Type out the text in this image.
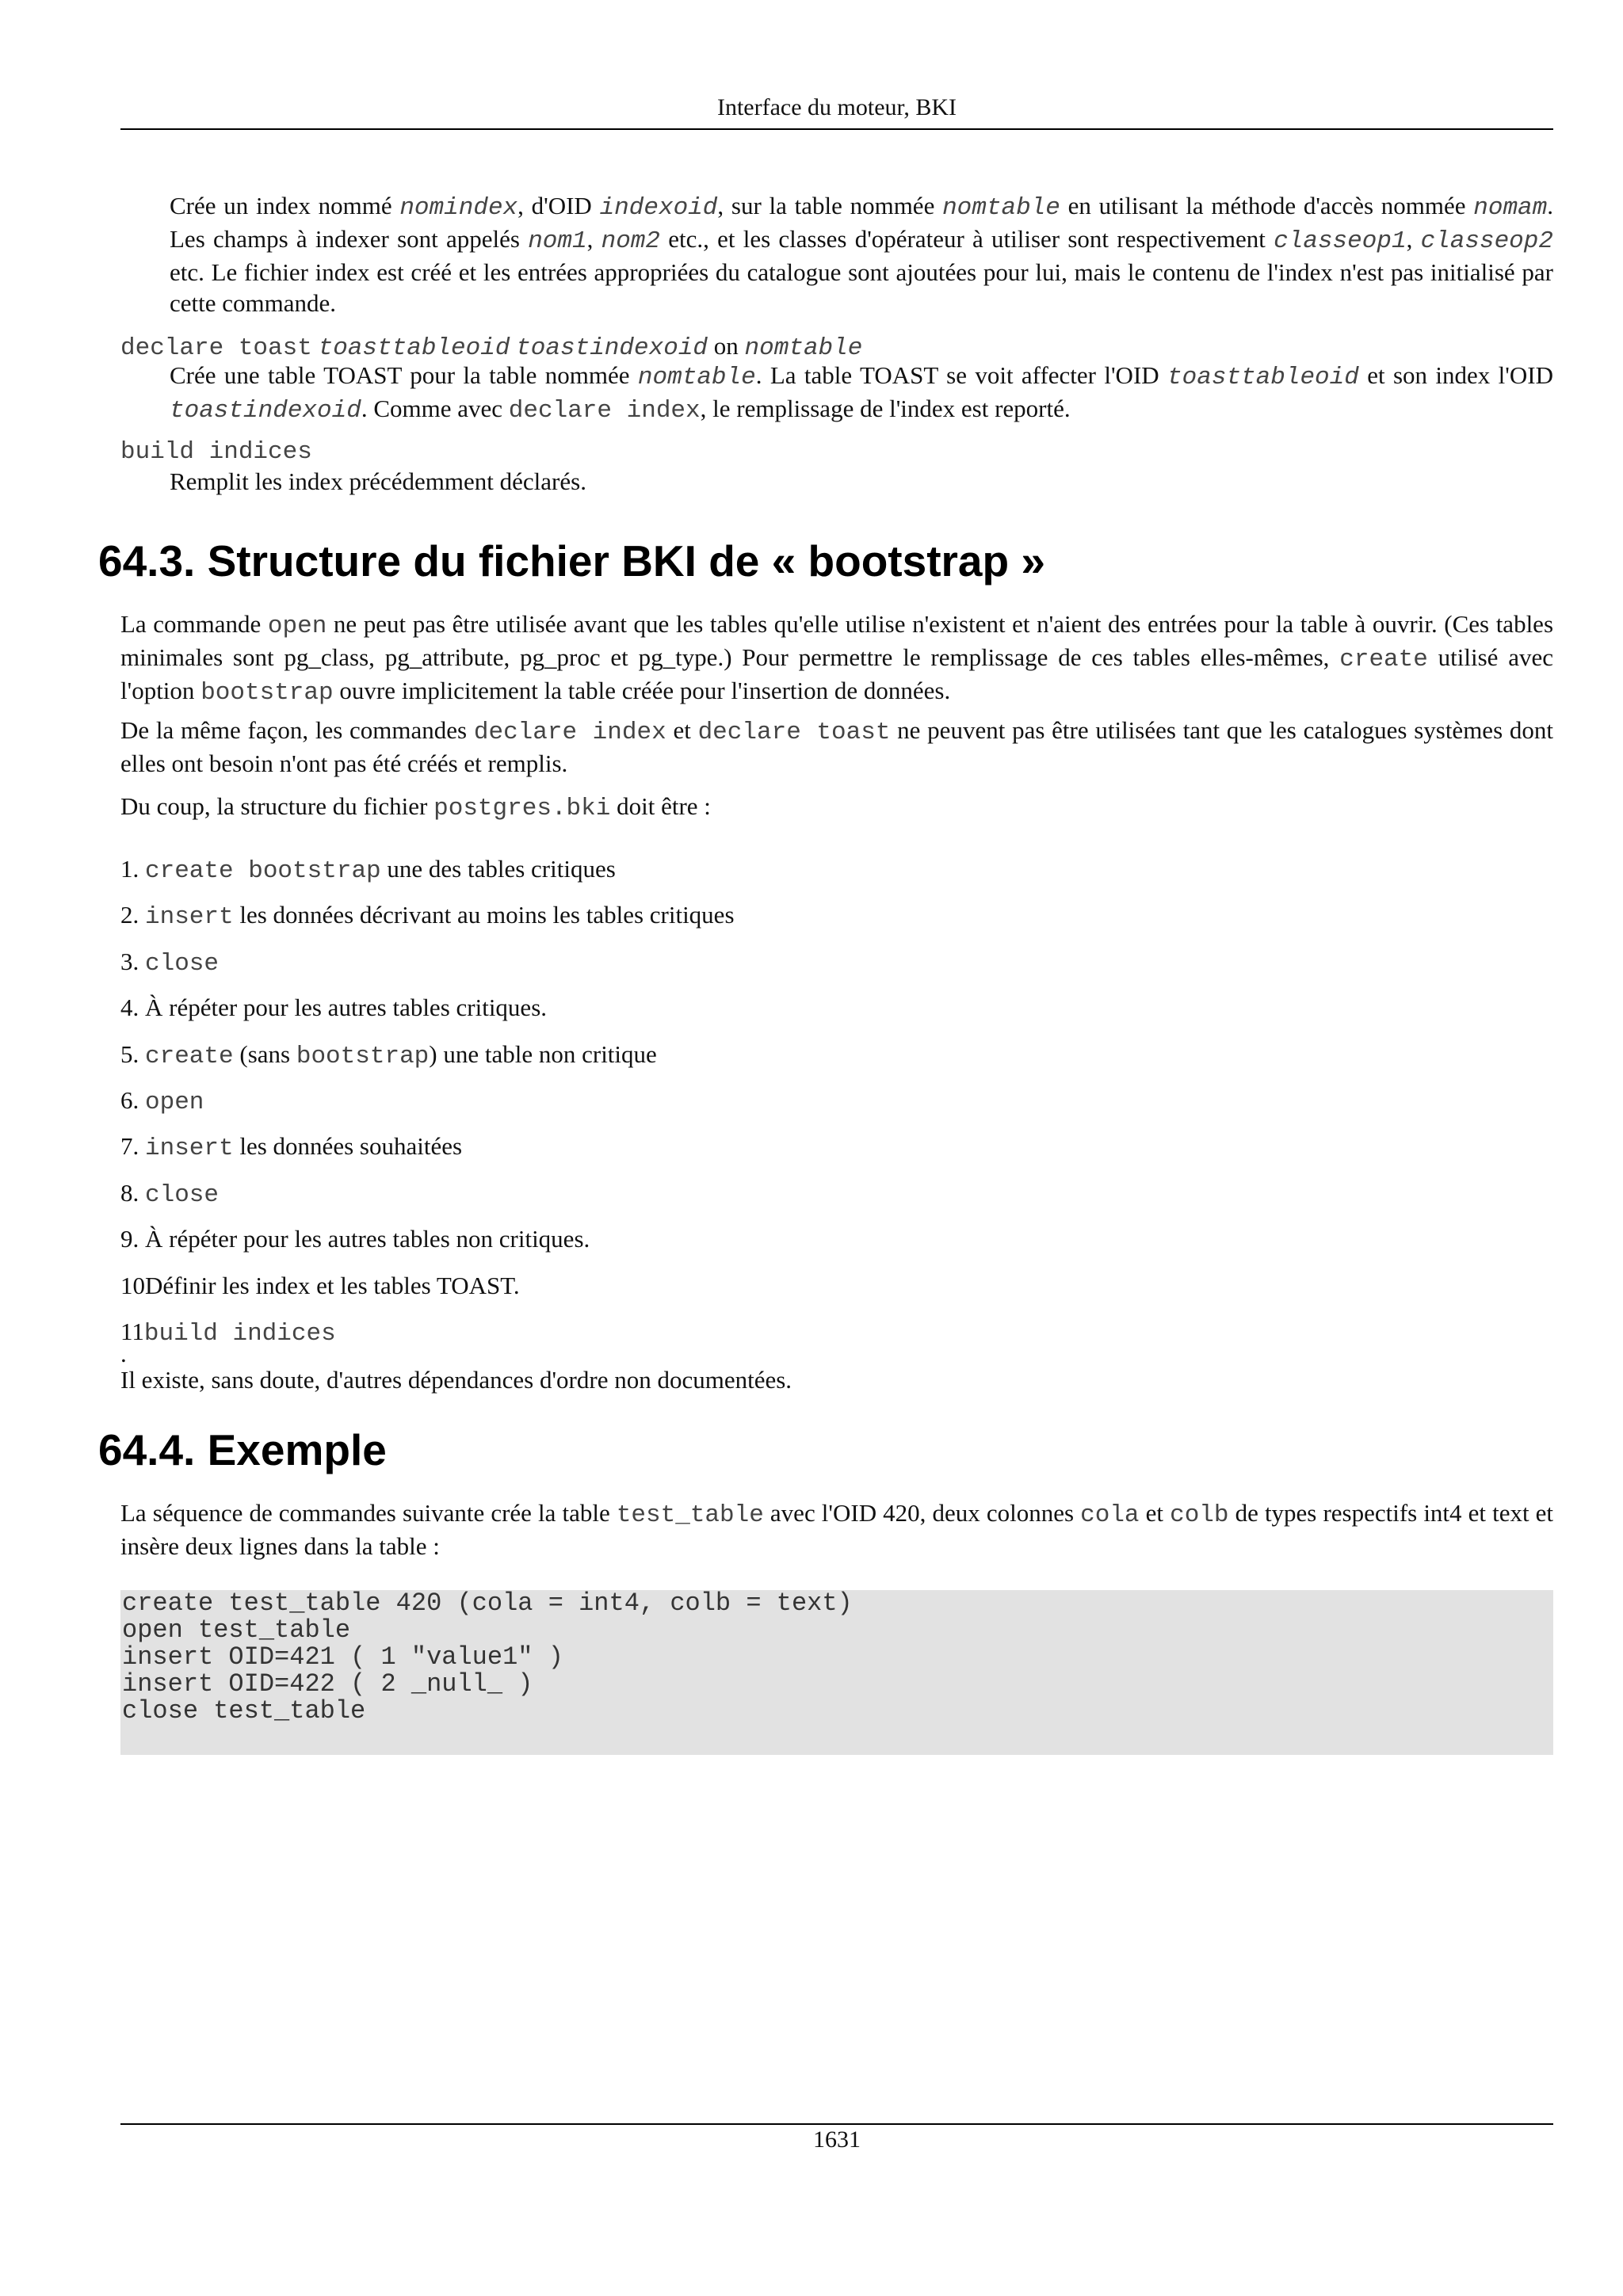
Interface du moteur, BKI
Crée un index nommé nomindex, d'OID indexoid, sur la table nommée nomtable en utilisant la méthode d'accès nommée nomam. Les champs à indexer sont appelés nom1, nom2 etc., et les classes d'opérateur à utiliser sont respectivement classeop1, classeop2 etc. Le fichier index est créé et les entrées appropriées du catalogue sont ajoutées pour lui, mais le contenu de l'index n'est pas initialisé par cette commande.
declare toast toasttableoid toastindexoid on nomtable
Crée une table TOAST pour la table nommée nomtable. La table TOAST se voit affecter l'OID toasttableoid et son index l'OID toastindexoid. Comme avec declare index, le remplissage de l'index est reporté.
build indices
Remplit les index précédemment déclarés.
64.3. Structure du fichier BKI de « bootstrap »
La commande open ne peut pas être utilisée avant que les tables qu'elle utilise n'existent et n'aient des entrées pour la table à ouvrir. (Ces tables minimales sont pg_class, pg_attribute, pg_proc et pg_type.) Pour permettre le remplissage de ces tables elles-mêmes, create utilisé avec l'option bootstrap ouvre implicitement la table créée pour l'insertion de données.
De la même façon, les commandes declare index et declare toast ne peuvent pas être utilisées tant que les catalogues systèmes dont elles ont besoin n'ont pas été créés et remplis.
Du coup, la structure du fichier postgres.bki doit être :
1. create bootstrap une des tables critiques
2. insert les données décrivant au moins les tables critiques
3. close
4. À répéter pour les autres tables critiques.
5. create (sans bootstrap) une table non critique
6. open
7. insert les données souhaitées
8. close
9. À répéter pour les autres tables non critiques.
10Définir les index et les tables TOAST.
11build indices
.
Il existe, sans doute, d'autres dépendances d'ordre non documentées.
64.4. Exemple
La séquence de commandes suivante crée la table test_table avec l'OID 420, deux colonnes cola et colb de types respectifs int4 et text et insère deux lignes dans la table :
create test_table 420 (cola = int4, colb = text)
open test_table
insert OID=421 ( 1 "value1" )
insert OID=422 ( 2 _null_ )
close test_table
1631
